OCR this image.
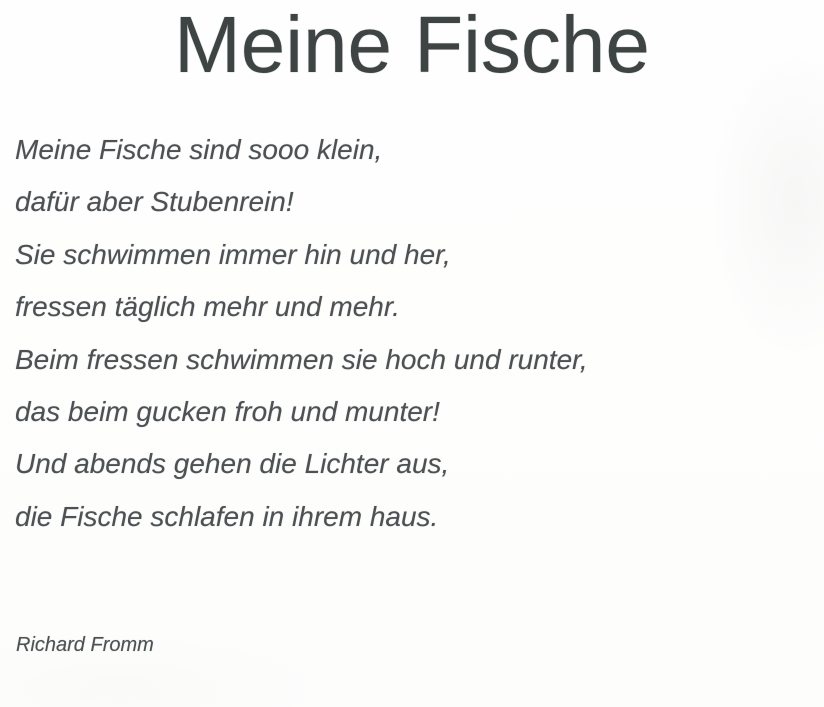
Meine Fische

Meine Fische sind sooo klein,

dafür aber Stubenrein!

Sie schwimmen immer hin und her,

fressen täglich mehr und mehr.

Beim fressen schwimmen sie hoch und runter,

das beim gucken froh und munter!

Und abends gehen die Lichter aus,

die Fische schlafen in ihrem haus.

Richard Fromm
